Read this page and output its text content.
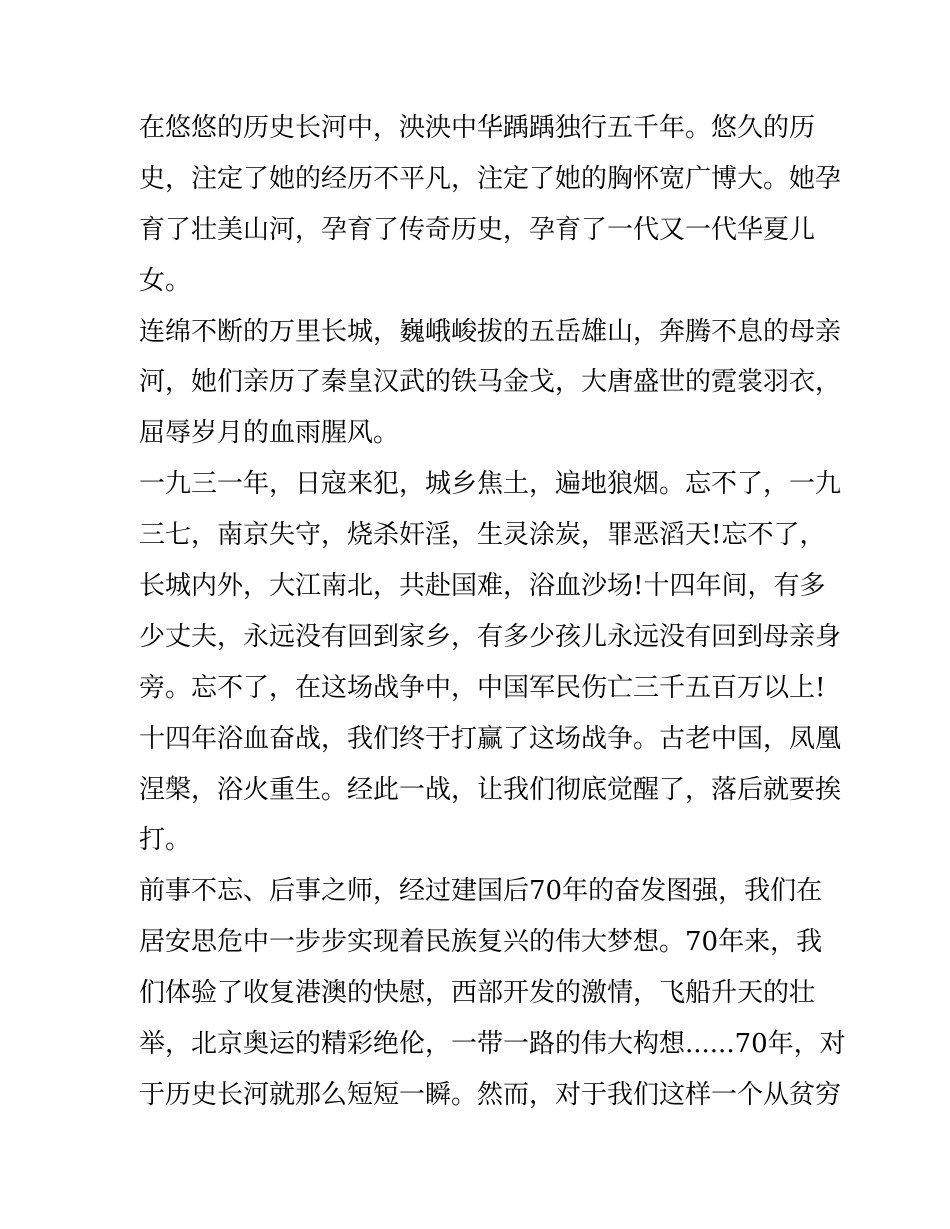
在悠悠的历史长河中，泱泱中华踽踽独行五千年。悠久的历
史，注定了她的经历不平凡，注定了她的胸怀宽广博大。她孕
育了壮美山河，孕育了传奇历史，孕育了一代又一代华夏儿
女。
连绵不断的万里长城，巍峨峻拔的五岳雄山，奔腾不息的母亲
河，她们亲历了秦皇汉武的铁马金戈，大唐盛世的霓裳羽衣，
屈辱岁月的血雨腥风。
一九三一年，日寇来犯，城乡焦土，遍地狼烟。忘不了，一九
三七，南京失守，烧杀奸淫，生灵涂炭，罪恶滔天!忘不了，
长城内外，大江南北，共赴国难，浴血沙场!十四年间，有多
少丈夫，永远没有回到家乡，有多少孩儿永远没有回到母亲身
旁。忘不了，在这场战争中，中国军民伤亡三千五百万以上!
十四年浴血奋战，我们终于打赢了这场战争。古老中国，凤凰
涅槃，浴火重生。经此一战，让我们彻底觉醒了，落后就要挨
打。
前事不忘、后事之师，经过建国后70年的奋发图强，我们在
居安思危中一步步实现着民族复兴的伟大梦想。70年来，我
们体验了收复港澳的快慰，西部开发的激情，飞船升天的壮
举，北京奥运的精彩绝伦，一带一路的伟大构想......70年，对
于历史长河就那么短短一瞬。然而，对于我们这样一个从贫穷
